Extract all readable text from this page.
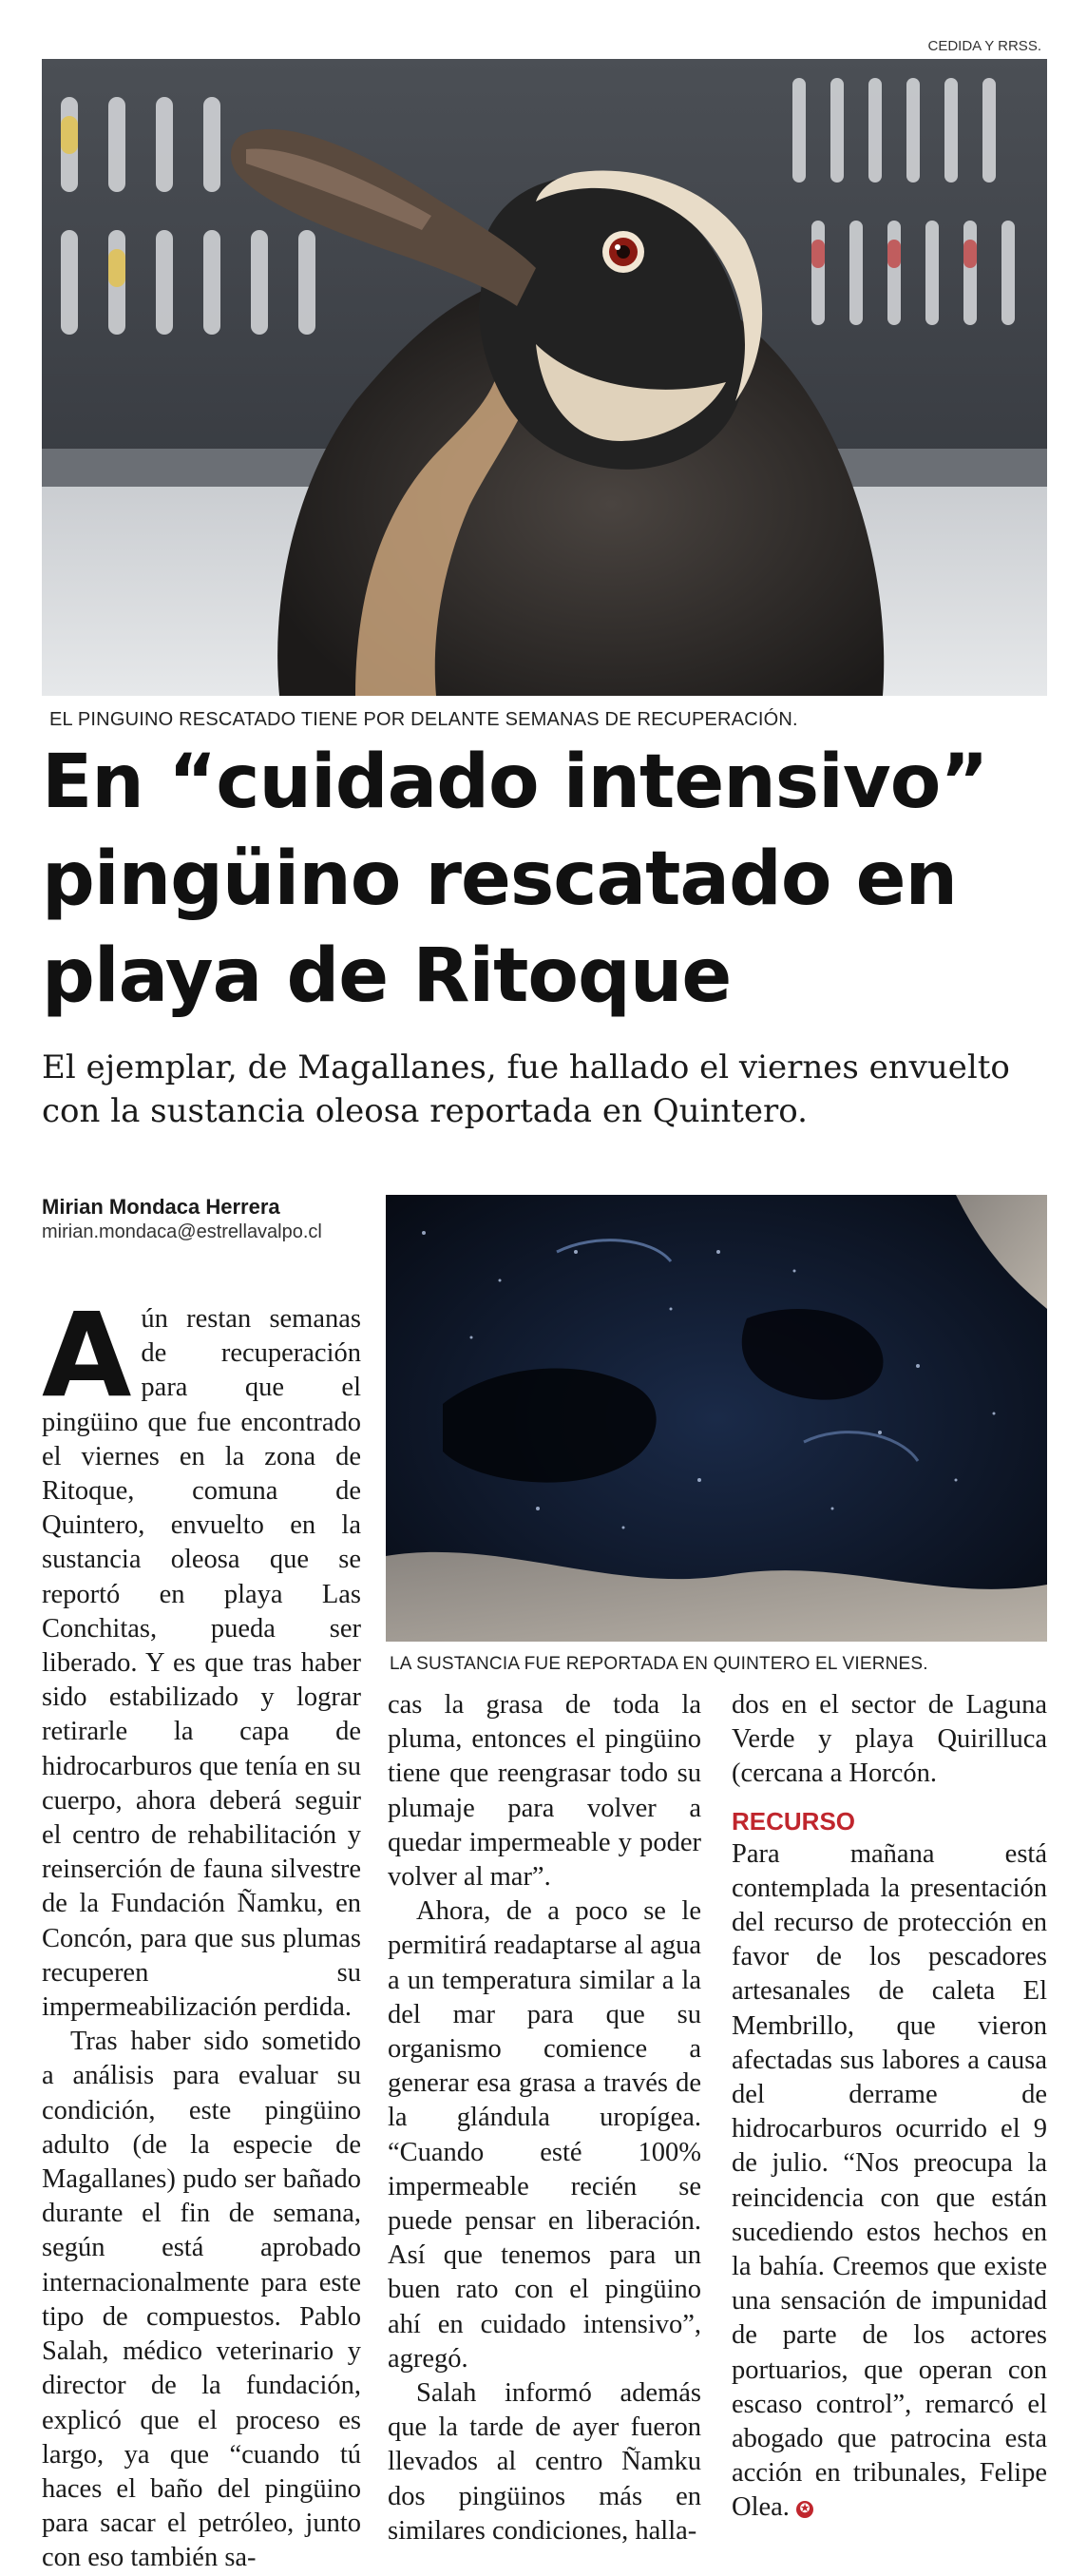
CEDIDA Y RRSS.
EL PINGUINO RESCATADO TIENE POR DELANTE SEMANAS DE RECUPERACIÓN.
En “cuidado intensivo” pingüino rescatado en playa de Ritoque

El ejemplar, de Magallanes, fue hallado el viernes envuelto con la sustancia oleosa reportada en Quintero.

Mirian Mondaca Herrera
mirian.mondaca@estrellavalpo.cl
LA SUSTANCIA FUE REPORTADA EN QUINTERO EL VIERNES.

Aún restan semanas de recuperación para que el pingüino que fue encontrado el viernes en la zona de Ritoque, comuna de Quintero, envuelto en la sustancia oleosa que se reportó en playa Las Conchitas, pueda ser liberado. Y es que tras haber sido estabilizado y lograr retirarle la capa de hidrocarburos que tenía en su cuerpo, ahora deberá seguir el centro de rehabilitación y reinserción de fauna silvestre de la Fundación Ñamku, en Concón, para que sus plumas recuperen su impermeabilización perdida.

Tras haber sido sometido a análisis para evaluar su condición, este pingüino adulto (de la especie de Magallanes) pudo ser bañado durante el fin de semana, según está aprobado internacionalmente para este tipo de compuestos. Pablo Salah, médico veterinario y director de la fundación, explicó que el proceso es largo, ya que “cuando tú haces el baño del pingüino para sacar el petróleo, junto con eso también sa-

cas la grasa de toda la pluma, entonces el pingüino tiene que reengrasar todo su plumaje para volver a quedar impermeable y poder volver al mar”.

Ahora, de a poco se le permitirá readaptarse al agua a un temperatura similar a la del mar para que su organismo comience a generar esa grasa a través de la glándula uropígea. “Cuando esté 100% impermeable recién se puede pensar en liberación. Así que tenemos para un buen rato con el pingüino ahí en cuidado intensivo”, agregó.

Salah informó además que la tarde de ayer fueron llevados al centro Ñamku dos pingüinos más en similares condiciones, halla-

dos en el sector de Laguna Verde y playa Quirilluca (cercana a Horcón.

RECURSO

Para mañana está contemplada la presentación del recurso de protección en favor de los pescadores artesanales de caleta El Membrillo, que vieron afectadas sus labores a causa del derrame de hidrocarburos ocurrido el 9 de julio. “Nos preocupa la reincidencia con que están sucediendo estos hechos en la bahía. Creemos que existe una sensación de impunidad de parte de los actores portuarios, que operan con escaso control”, remarcó el abogado que patrocina esta acción en tribunales, Felipe Olea. ✪
